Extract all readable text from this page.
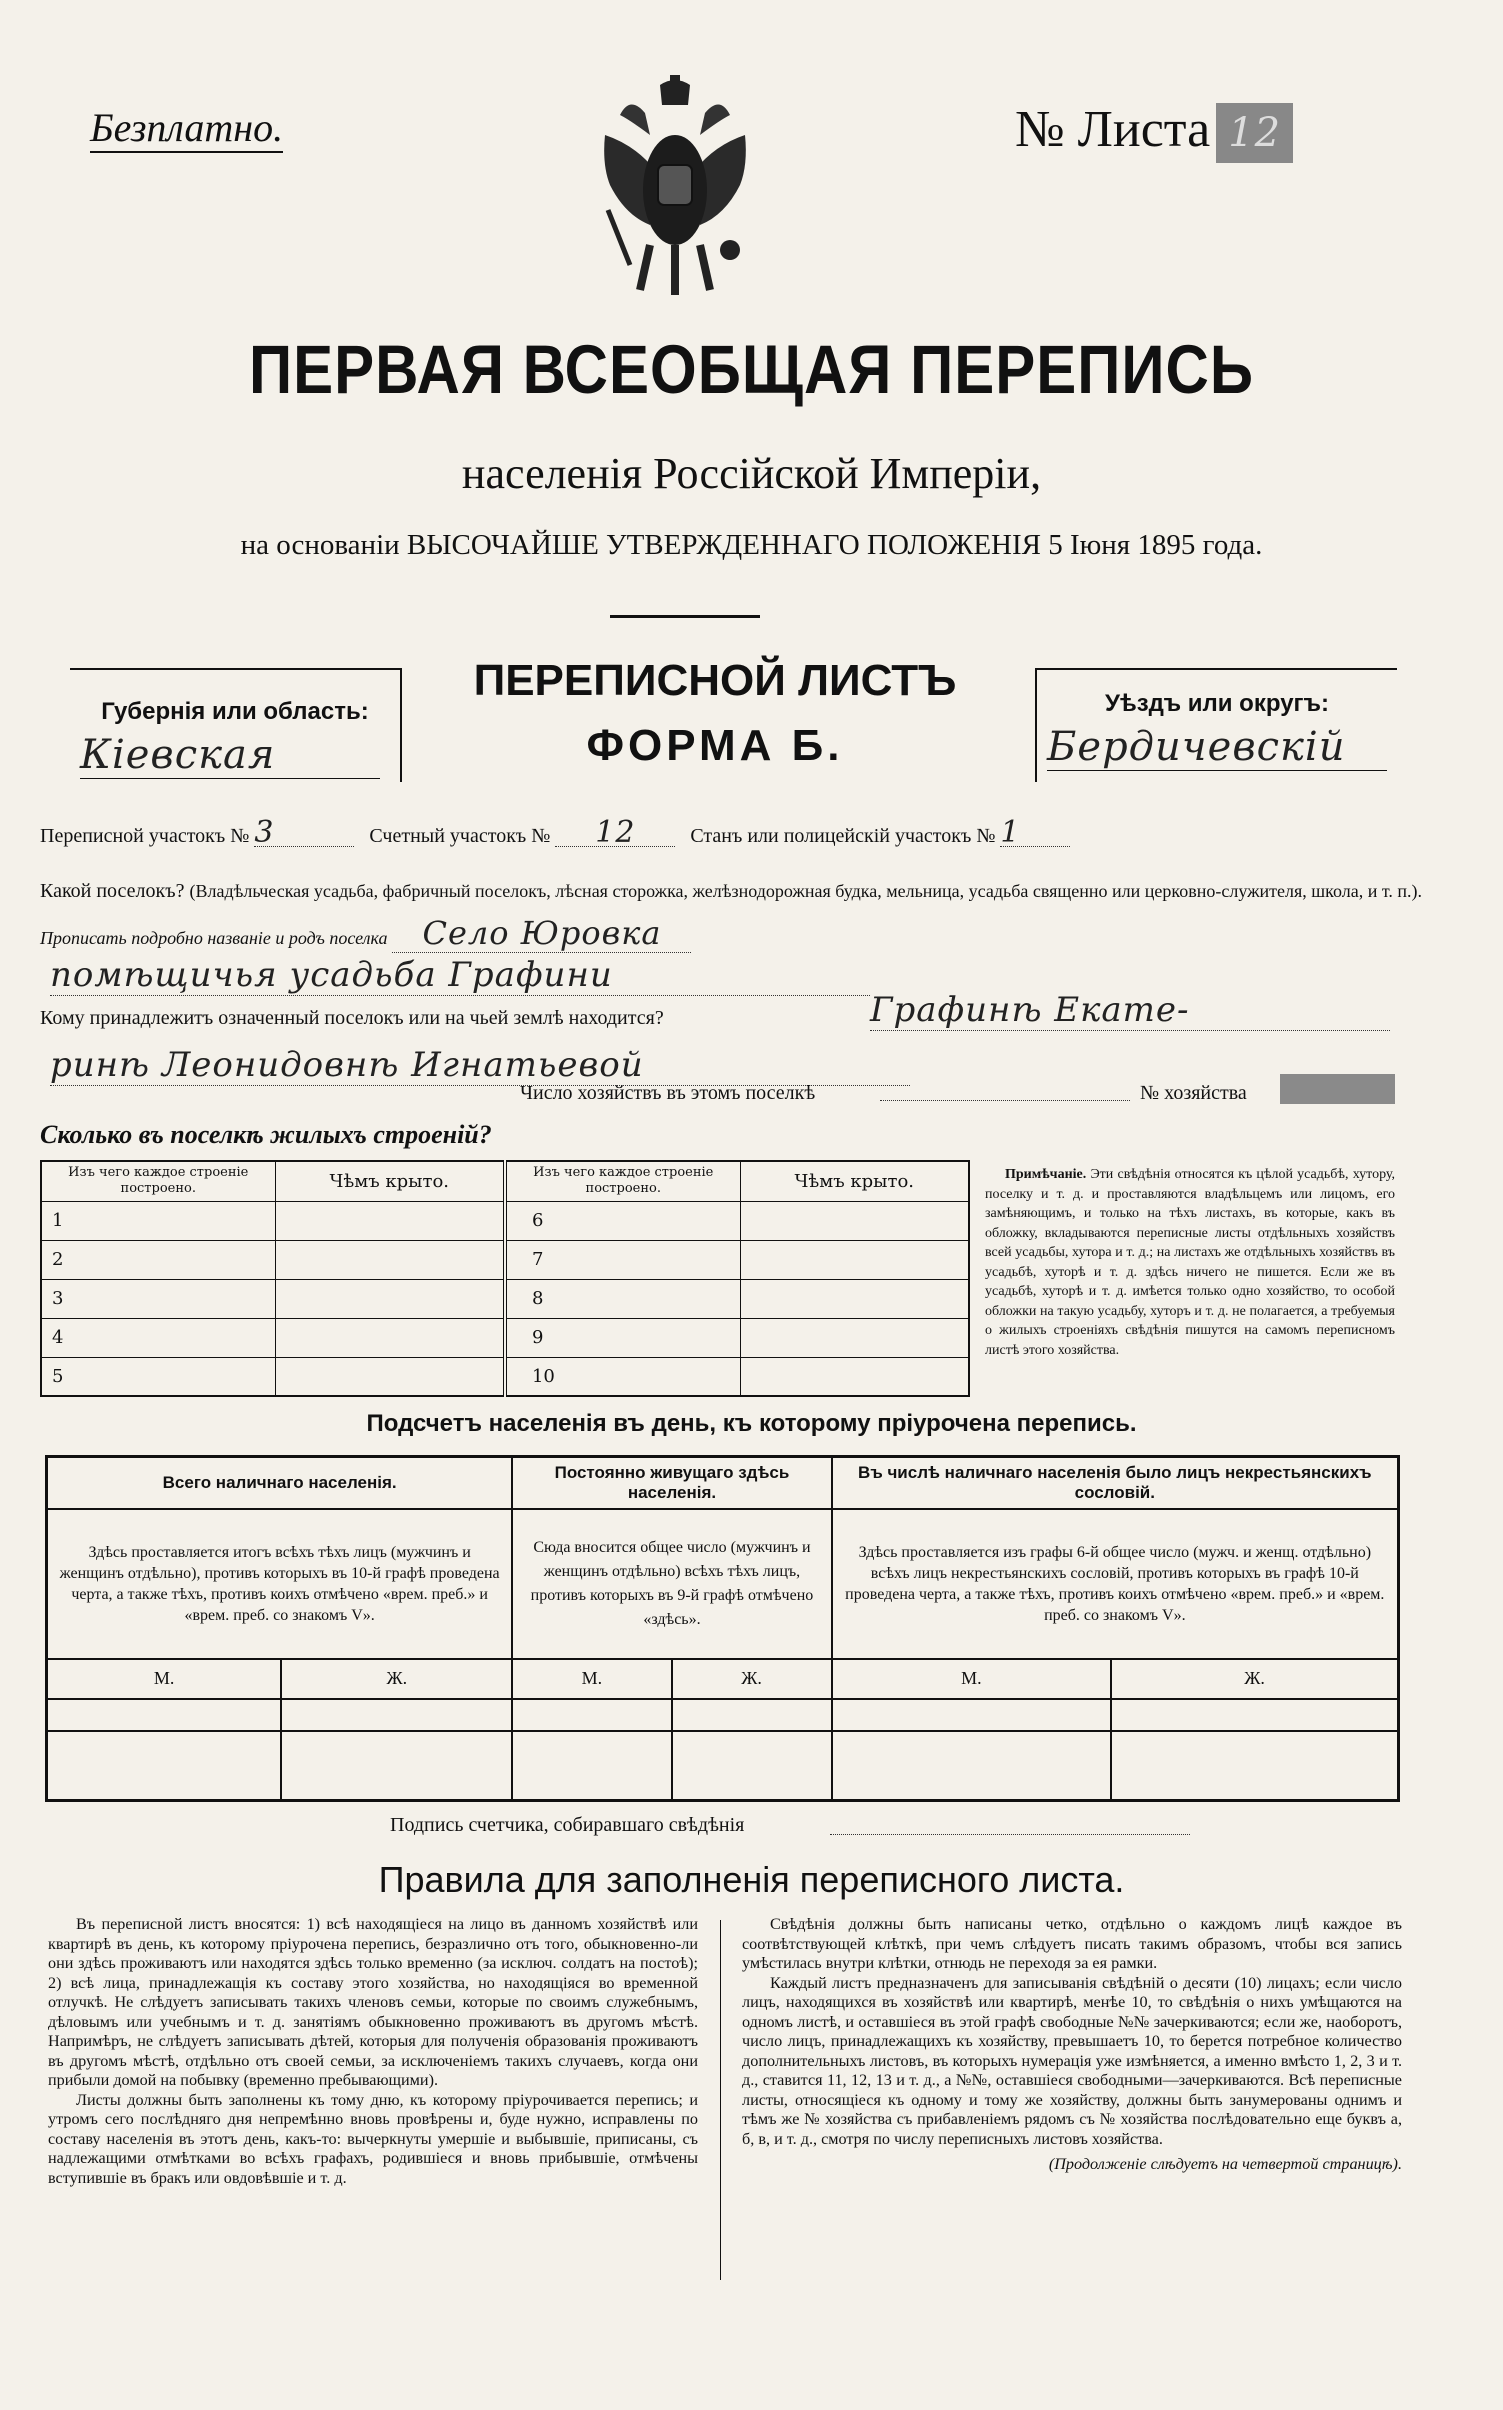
Безплатно.	№ Листа 12
ПЕРВАЯ ВСЕОБЩАЯ ПЕРЕПИСЬ
населенія Россійской Имперіи,
на основаніи ВЫСОЧАЙШЕ УТВЕРЖДЕННАГО ПОЛОЖЕНІЯ 5 Іюня 1895 года.
Губернія или область:
Кіевская
ПЕРЕПИСНОЙ ЛИСТЪ
ФОРМА Б.
Уѣздъ или округъ:
Бердичевскій
Переписной участокъ № 3	Счетный участокъ № 12	Станъ или полицейскій участокъ № 1
Какой поселокъ? (Владѣльческая усадьба, фабричный поселокъ, лѣсная сторожка, желѣзнодорожная будка, мельница, усадьба священно или церковно-служителя, школа, и т. п.). Прописать подробно названіе и родъ поселка Село Юровка
помѣщичья усадьба Графини
Кому принадлежитъ означенный поселокъ или на чьей землѣ находится?	Графинѣ Екате-
ринѣ Леонидовнѣ Игнатьевой
Число хозяйствъ въ этомъ поселкѣ	№ хозяйства
Сколько въ поселкѣ жилыхъ строеній?
Изъ чего каждое строеніе построено.	Чѣмъ крыто.	Изъ чего каждое строеніе построено.	Чѣмъ крыто.
1		6	
2		7	
3		8	
4		9	
5		10	
Примѣчаніе. Эти свѣдѣнія относятся къ цѣлой усадьбѣ, хутору, поселку и т. д. и проставляются владѣльцемъ или лицомъ, его замѣняющимъ, и только на тѣхъ листахъ, въ которые, какъ въ обложку, вкладываются переписные листы отдѣльныхъ хозяйствъ всей усадьбы, хутора и т. д.; на листахъ же отдѣльныхъ хозяйствъ въ усадьбѣ, хуторѣ и т. д. здѣсь ничего не пишется. Если же въ усадьбѣ, хуторѣ и т. д. имѣется только одно хозяйство, то особой обложки на такую усадьбу, хуторъ и т. д. не полагается, а требуемыя о жилыхъ строеніяхъ свѣдѣнія пишутся на самомъ переписномъ листѣ этого хозяйства.
Подсчетъ населенія въ день, къ которому пріурочена перепись.
Всего наличнаго населенія.		Постоянно живущаго здѣсь населенія.		Въ числѣ наличнаго населенія было лицъ некрестьянскихъ сословій.	
Здѣсь проставляется итогъ всѣхъ тѣхъ лицъ (мужчинъ и женщинъ отдѣльно), противъ которыхъ въ 10-й графѣ проведена черта, а также тѣхъ, противъ коихъ отмѣчено «врем. преб.» и «врем. преб. со знакомъ V».		Сюда вносится общее число (мужчинъ и женщинъ отдѣльно) всѣхъ тѣхъ лицъ, противъ которыхъ въ 9-й графѣ отмѣчено «здѣсь».		Здѣсь проставляется изъ графы 6-й общее число (мужч. и женщ. отдѣльно) всѣхъ лицъ некрестьянскихъ сословій, противъ которыхъ въ графѣ 10-й проведена черта, а также тѣхъ, противъ коихъ отмѣчено «врем. преб.» и «врем. преб. со знакомъ V».	
М.	Ж.	М.	Ж.	М.	Ж.

Подпись счетчика, собиравшаго свѣдѣнія
Правила для заполненія переписного листа.

Въ переписной листъ вносятся: 1) всѣ находящіеся на лицо въ данномъ хозяйствѣ или квартирѣ въ день, къ которому пріурочена перепись, безразлично отъ того, обыкновенно-ли они здѣсь проживаютъ или находятся здѣсь только временно (за исключ. солдатъ на постоѣ); 2) всѣ лица, принадлежащія къ составу этого хозяйства, но находящіяся во временной отлучкѣ. Не слѣдуетъ записывать такихъ членовъ семьи, которые по своимъ служебнымъ, дѣловымъ или учебнымъ и т. д. занятіямъ обыкновенно проживаютъ въ другомъ мѣстѣ. Напримѣръ, не слѣдуетъ записывать дѣтей, которыя для полученія образованія проживаютъ въ другомъ мѣстѣ, отдѣльно отъ своей семьи, за исключеніемъ такихъ случаевъ, когда они прибыли домой на побывку (временно пребывающими).

Листы должны быть заполнены къ тому дню, къ которому пріурочивается перепись; и утромъ сего послѣдняго дня непремѣнно вновь провѣрены и, буде нужно, исправлены по составу населенія въ этотъ день, какъ-то: вычеркнуты умершіе и выбывшіе, приписаны, съ надлежащими отмѣтками во всѣхъ графахъ, родившіеся и вновь прибывшіе, отмѣчены вступившіе въ бракъ или овдовѣвшіе и т. д.

Свѣдѣнія должны быть написаны четко, отдѣльно о каждомъ лицѣ каждое въ соотвѣтствующей клѣткѣ, при чемъ слѣдуетъ писать такимъ образомъ, чтобы вся запись умѣстилась внутри клѣтки, отнюдь не переходя за ея рамки.

Каждый листъ предназначенъ для записыванія свѣдѣній о десяти (10) лицахъ; если число лицъ, находящихся въ хозяйствѣ или квартирѣ, менѣе 10, то свѣдѣнія о нихъ умѣщаются на одномъ листѣ, и оставшіеся въ этой графѣ свободные №№ зачеркиваются; если же, наоборотъ, число лицъ, принадлежащихъ къ хозяйству, превышаетъ 10, то берется потребное количество дополнительныхъ листовъ, въ которыхъ нумерація уже измѣняется, а именно вмѣсто 1, 2, 3 и т. д., ставится 11, 12, 13 и т. д., а №№, оставшіеся свободными—зачеркиваются. Всѣ переписные листы, относящіеся къ одному и тому же хозяйству, должны быть занумерованы однимъ и тѣмъ же № хозяйства съ прибавленіемъ рядомъ съ № хозяйства послѣдовательно еще буквъ а, б, в, и т. д., смотря по числу переписныхъ листовъ хозяйства.

(Продолженіе слѣдуетъ на четвертой страницѣ).
